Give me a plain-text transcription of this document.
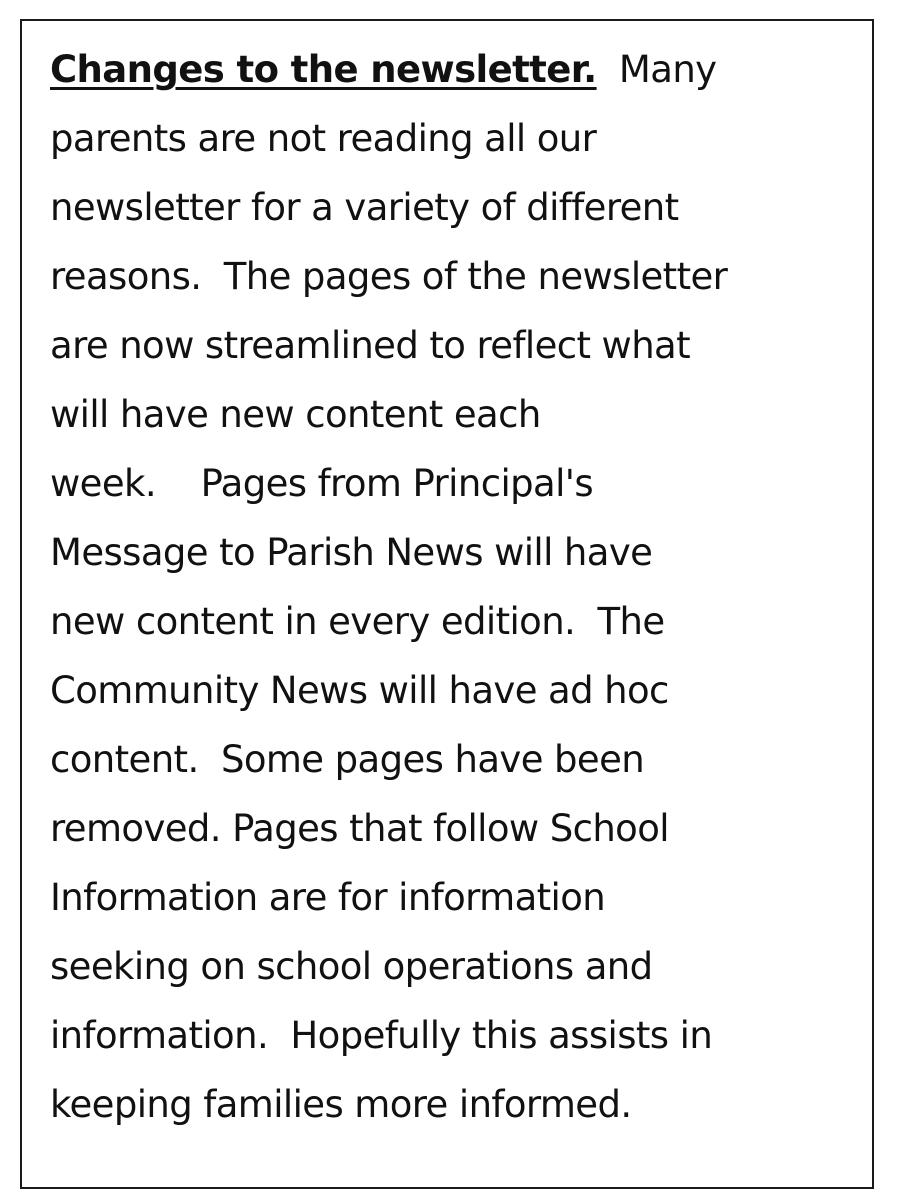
Changes to the newsletter.  Many
parents are not reading all our
newsletter for a variety of different
reasons.  The pages of the newsletter
are now streamlined to reflect what
will have new content each
week.    Pages from Principal's
Message to Parish News will have
new content in every edition.  The
Community News will have ad hoc
content.  Some pages have been
removed. Pages that follow School
Information are for information
seeking on school operations and
information.  Hopefully this assists in
keeping families more informed.
